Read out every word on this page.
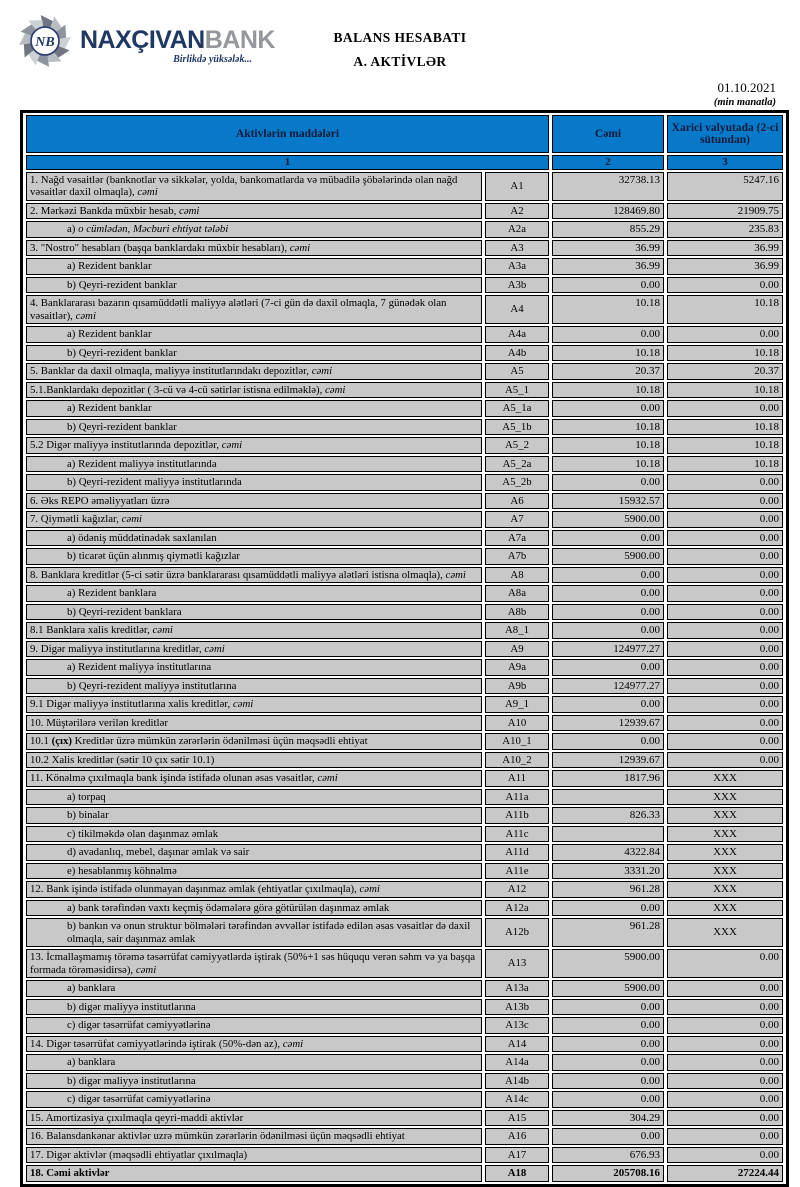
NB NAXÇIVANBANK
Birlikdə yüksələk...
BALANS HESABATI
A. AKTİVLƏR
01.10.2021
(min manatla)
Aktivlərin maddələri		Cəmi	Xarici valyutada (2-ci sütundan)
1		2	3

1. Nağd vəsaitlər (banknotlar və sikkələr, yolda, bankomatlarda və mübadilə şöbələrində olan nağd vəsaitlər daxil olmaqla), cəmi	A1	32738.13	5247.16

2. Mərkəzi Bankda müxbir hesab, cəmi	A2	128469.80	21909.75

a) o cümlədən, Məcburi ehtiyat tələbi	A2a	855.29	235.83

3. "Nostro" hesabları (başqa banklardakı müxbir hesabları), cəmi	A3	36.99	36.99

a) Rezident banklar	A3a	36.99	36.99

b) Qeyri-rezident banklar	A3b	0.00	0.00

4. Banklararası bazarın qısamüddətli maliyyə alətləri (7-ci gün də daxil olmaqla, 7 günədək olan vəsaitlər), cəmi	A4	10.18	10.18

a) Rezident banklar	A4a	0.00	0.00

b) Qeyri-rezident banklar	A4b	10.18	10.18

5. Banklar da daxil olmaqla, maliyyə institutlarındakı depozitlər, cəmi	A5	20.37	20.37

5.1.Banklardakı depozitlər ( 3-cü və 4-cü sətirlər istisna edilməklə), cəmi	A5_1	10.18	10.18

a) Rezident banklar	A5_1a	0.00	0.00

b) Qeyri-rezident banklar	A5_1b	10.18	10.18

5.2 Digər maliyyə institutlarında depozitlər, cəmi	A5_2	10.18	10.18

a) Rezident maliyyə institutlarında	A5_2a	10.18	10.18

b) Qeyri-rezident maliyyə institutlarında	A5_2b	0.00	0.00

6. Əks REPO əməliyyatları üzrə	A6	15932.57	0.00

7. Qiymətli kağızlar, cəmi	A7	5900.00	0.00

a) ödəniş müddətinədək saxlanılan	A7a	0.00	0.00

b) ticarət üçün alınmış qiymətli kağızlar	A7b	5900.00	0.00

8. Banklara kreditlər (5-ci sətir üzrə banklararası qısamüddətli maliyyə alətləri istisna olmaqla), cəmi	A8	0.00	0.00

a) Rezident banklara	A8a	0.00	0.00

b) Qeyri-rezident banklara	A8b	0.00	0.00

8.1 Banklara xalis kreditlər, cəmi	A8_1	0.00	0.00

9. Digər maliyyə institutlarına kreditlər, cəmi	A9	124977.27	0.00

a) Rezident maliyyə institutlarına	A9a	0.00	0.00

b) Qeyri-rezident maliyyə institutlarına	A9b	124977.27	0.00

9.1 Digər maliyyə institutlarına xalis kreditlər, cəmi	A9_1	0.00	0.00

10. Müştərilərə verilən kreditlər	A10	12939.67	0.00

10.1 (çıx) Kreditlər üzrə mümkün zərərlərin ödənilməsi üçün məqsədli ehtiyat	A10_1	0.00	0.00

10.2 Xalis kreditlər (sətir 10 çıx sətir 10.1)	A10_2	12939.67	0.00

11. Könəlmə çıxılmaqla bank işində istifadə olunan əsas vəsaitlər, cəmi	A11	1817.96	XXX

a) torpaq	A11a		XXX

b) binalar	A11b	826.33	XXX

c) tikilməkdə olan daşınmaz əmlak	A11c		XXX

d) avadanlıq, mebel, daşınar əmlak və sair	A11d	4322.84	XXX

e) hesablanmış köhnəlmə	A11e	3331.20	XXX

12. Bank işində istifadə olunmayan daşınmaz əmlak (ehtiyatlar çıxılmaqla), cəmi	A12	961.28	XXX

a) bank tərəfindən vaxtı keçmiş ödəmələrə görə götürülən daşınmaz əmlak	A12a	0.00	XXX

b) bankın və onun struktur bölmələri tərəfindən əvvəllər istifadə edilən əsas vəsaitlər də daxil olmaqla, sair daşınmaz əmlak	A12b	961.28	XXX

13. İcmallaşmamış törəmə təsərrüfat cəmiyyətlərdə iştirak (50%+1 səs hüququ verən səhm və ya başqa formada törəməsidirsə), cəmi	A13	5900.00	0.00

a) banklara	A13a	5900.00	0.00

b) digər maliyyə institutlarına	A13b	0.00	0.00

c) digər təsərrüfat cəmiyyətlərinə	A13c	0.00	0.00

14. Digər təsərrüfat cəmiyyətlərində iştirak (50%-dən az), cəmi	A14	0.00	0.00

a) banklara	A14a	0.00	0.00

b) digər maliyyə institutlarına	A14b	0.00	0.00

c) digər təsərrüfat cəmiyyətlərinə	A14c	0.00	0.00

15. Amortizasiya çıxılmaqla qeyri-maddi aktivlər	A15	304.29	0.00

16. Balansdankənar aktivlər uzrə mümkün zərərlərin ödənilməsi üçün məqsədli ehtiyat	A16	0.00	0.00

17. Digər aktivlər (məqsədli ehtiyatlar çıxılmaqla)	A17	676.93	0.00

18. Cəmi aktivlər	A18	205708.16	27224.44
